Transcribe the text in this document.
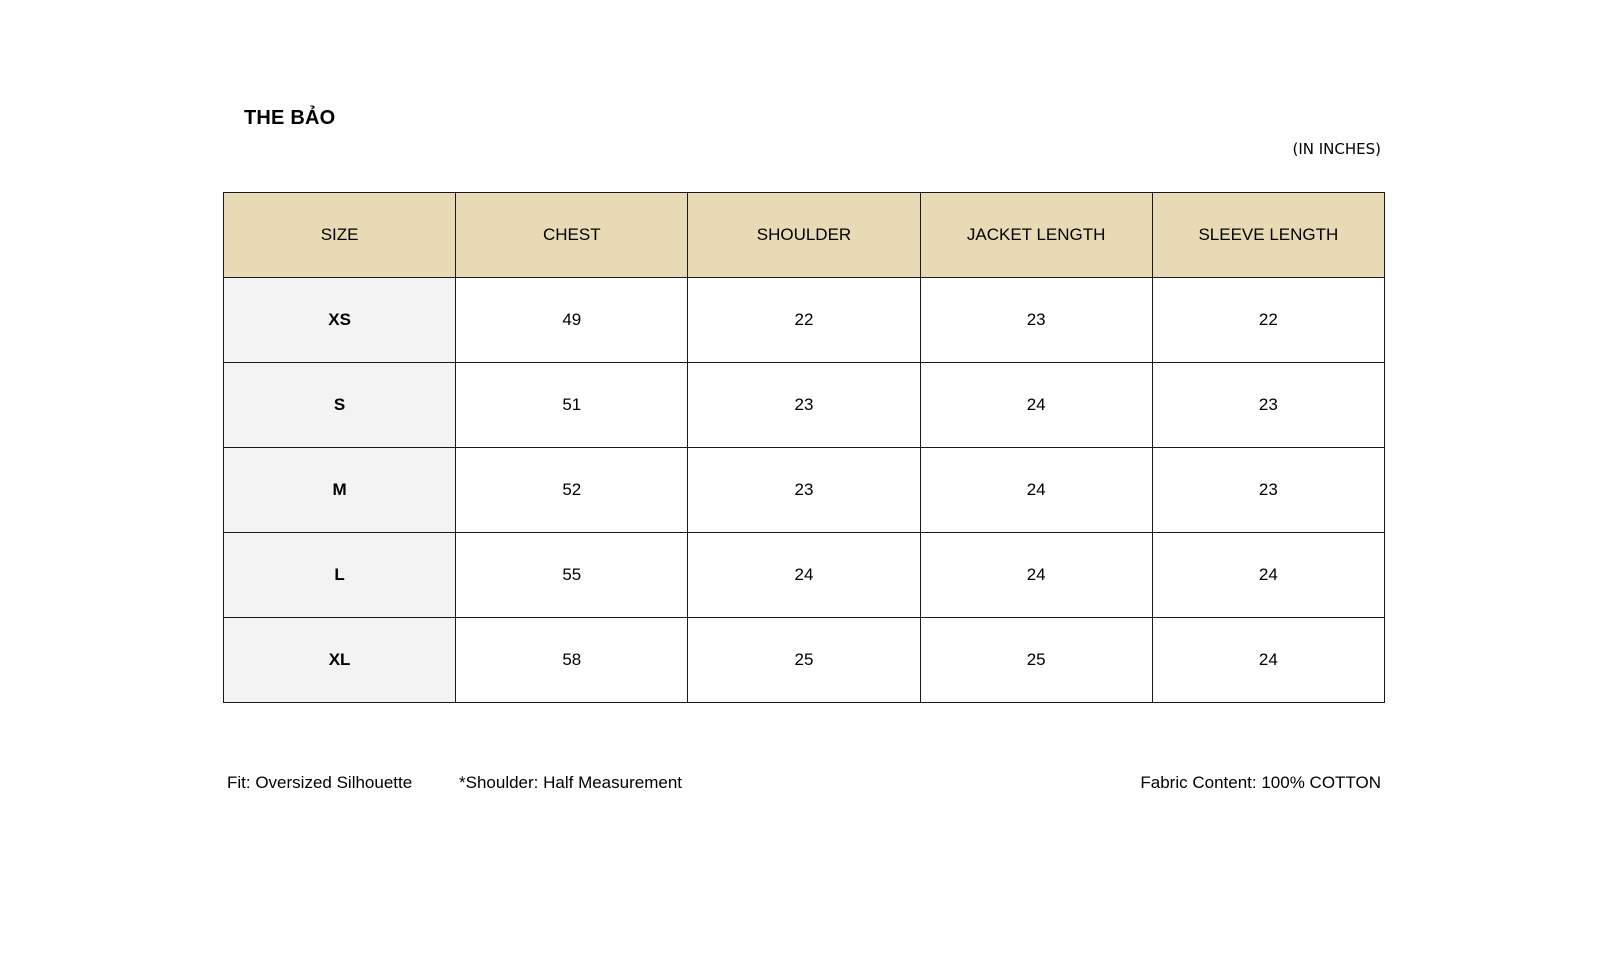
THE BẢO
(IN INCHES)
SIZE	CHEST	SHOULDER	JACKET LENGTH	SLEEVE LENGTH
XS	49	22	23	22
S	51	23	24	23
M	52	23	24	23
L	55	24	24	24
XL	58	25	25	24
Fit: Oversized Silhouette	*Shoulder: Half Measurement	Fabric Content: 100% COTTON
